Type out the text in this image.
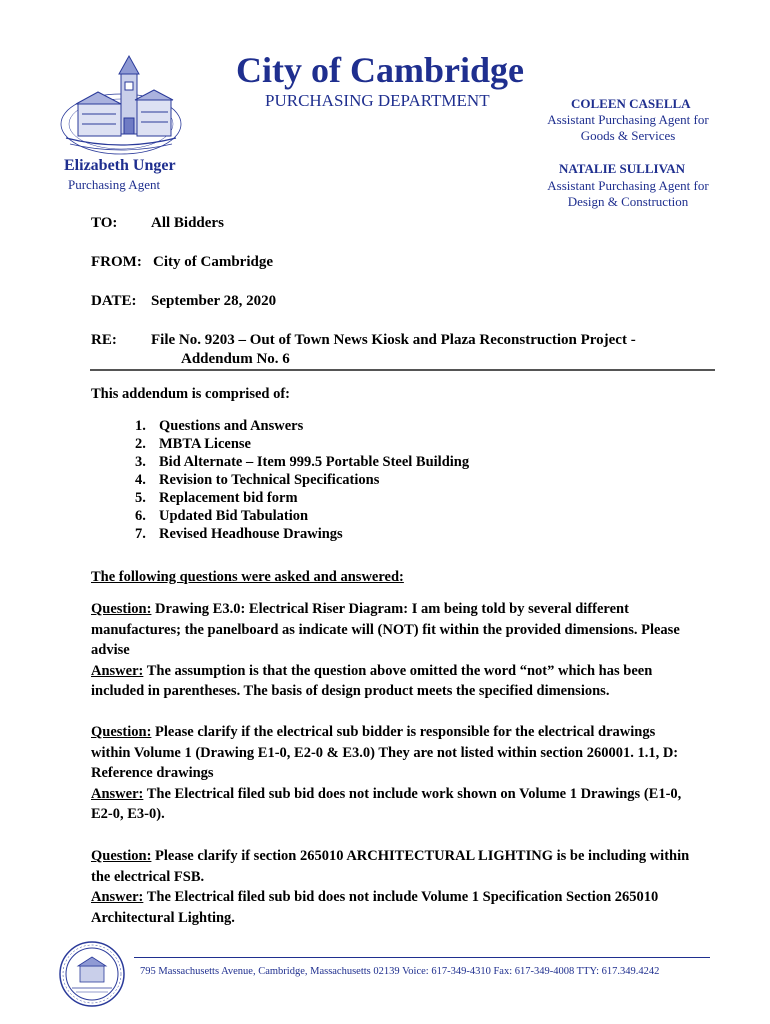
City of Cambridge
PURCHASING DEPARTMENT
Elizabeth Unger
Purchasing Agent
COLEEN CASELLA
Assistant Purchasing Agent for
Goods & Services
NATALIE SULLIVAN
Assistant Purchasing Agent for
Design & Construction
TO: All Bidders
FROM: City of Cambridge
DATE: September 28, 2020
RE: File No. 9203 – Out of Town News Kiosk and Plaza Reconstruction Project -
Addendum No. 6
This addendum is comprised of:
1. Questions and Answers
2. MBTA License
3. Bid Alternate – Item 999.5 Portable Steel Building
4. Revision to Technical Specifications
5. Replacement bid form
6. Updated Bid Tabulation
7. Revised Headhouse Drawings
The following questions were asked and answered:
Question: Drawing E3.0: Electrical Riser Diagram: I am being told by several different manufactures; the panelboard as indicate will (NOT) fit within the provided dimensions. Please advise
Answer: The assumption is that the question above omitted the word “not” which has been included in parentheses. The basis of design product meets the specified dimensions.
Question: Please clarify if the electrical sub bidder is responsible for the electrical drawings within Volume 1 (Drawing E1-0, E2-0 & E3.0) They are not listed within section 260001. 1.1, D: Reference drawings
Answer: The Electrical filed sub bid does not include work shown on Volume 1 Drawings (E1-0, E2-0, E3-0).
Question: Please clarify if section 265010 ARCHITECTURAL LIGHTING is be including within the electrical FSB.
Answer: The Electrical filed sub bid does not include Volume 1 Specification Section 265010 Architectural Lighting.
795 Massachusetts Avenue, Cambridge, Massachusetts 02139 Voice: 617-349-4310 Fax: 617-349-4008 TTY: 617.349.4242
